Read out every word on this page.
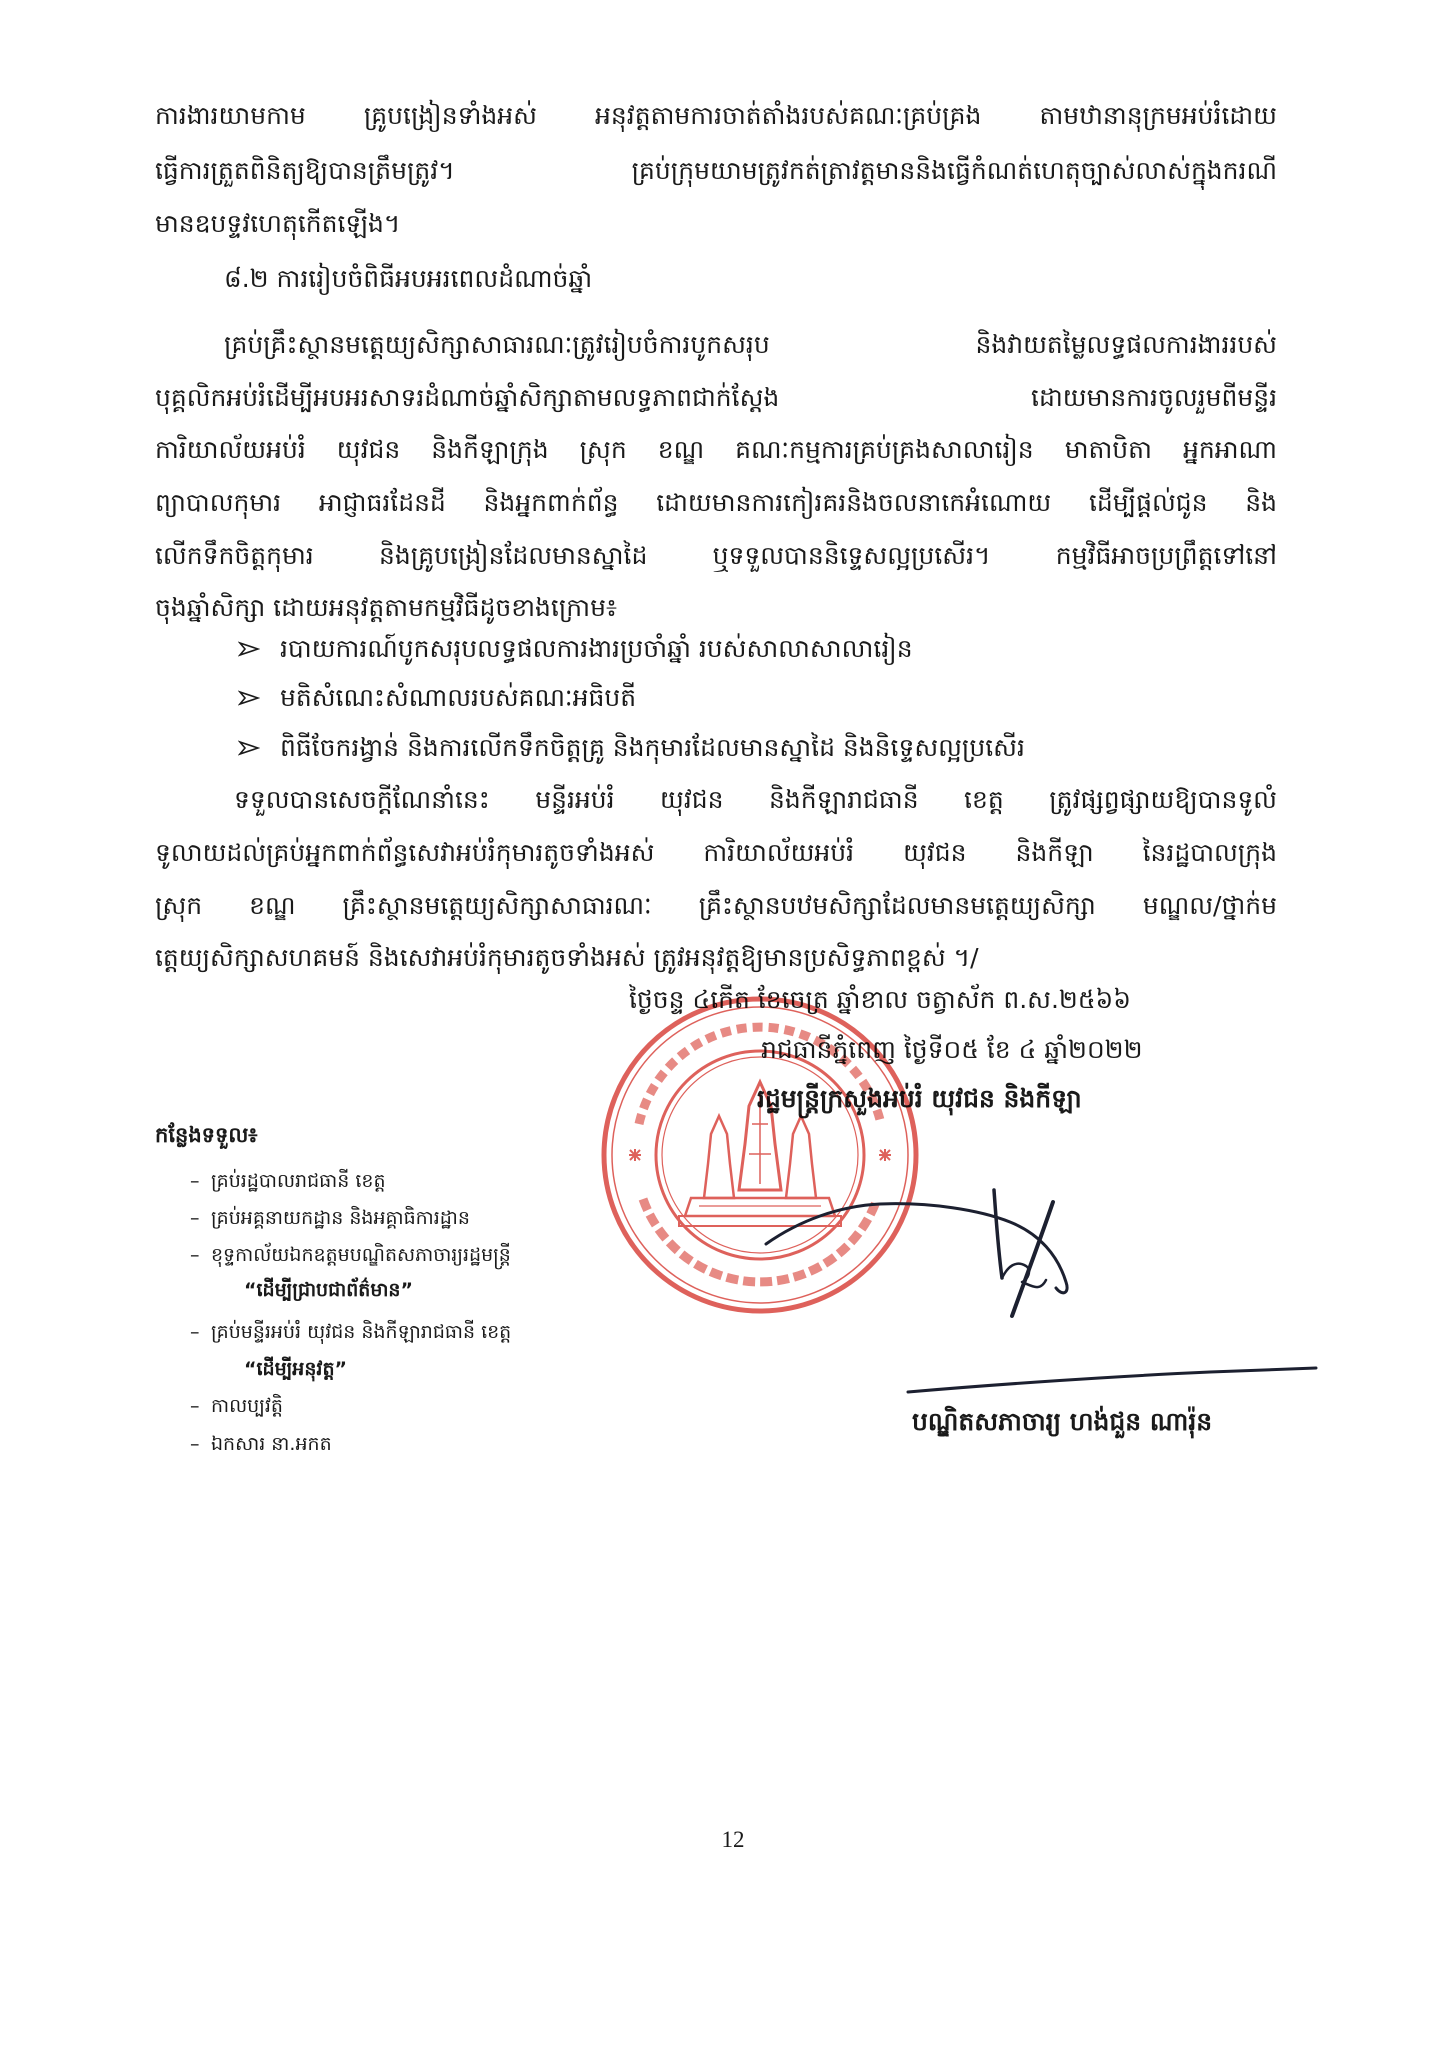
ការងារយាមកាម គ្រូបង្រៀនទាំងអស់ អនុវត្តតាមការចាត់តាំងរបស់គណៈគ្រប់គ្រង តាមឋានានុក្រមអប់រំដោយ
ធ្វើការត្រួតពិនិត្យឱ្យបានត្រឹមត្រូវ។ គ្រប់ក្រុមយាមត្រូវកត់ត្រាវត្តមាននិងធ្វើកំណត់ហេតុច្បាស់លាស់ក្នុងករណី
មានឧបទ្ទវហេតុកើតឡើង។
៨.២ ការរៀបចំពិធីអបអរពេលដំណាច់ឆ្នាំ
គ្រប់គ្រឹះស្ថានមត្តេយ្យសិក្សាសាធារណៈត្រូវរៀបចំការបូកសរុប និងវាយតម្លៃលទ្ធផលការងាររបស់
បុគ្គលិកអប់រំដើម្បីអបអរសាទរដំណាច់ឆ្នាំសិក្សាតាមលទ្ធភាពជាក់ស្តែង ដោយមានការចូលរួមពីមន្ទីរ
ការិយាល័យអប់រំ យុវជន និងកីឡាក្រុង ស្រុក ខណ្ឌ គណៈកម្មការគ្រប់គ្រងសាលារៀន មាតាបិតា អ្នកអាណា
ព្យាបាលកុមារ អាជ្ញាធរដែនដី និងអ្នកពាក់ព័ន្ធ ដោយមានការកៀរគរនិងចលនាកេអំណោយ ដើម្បីផ្តល់ជូន និង
លើកទឹកចិត្តកុមារ និងគ្រូបង្រៀនដែលមានស្នាដៃ ឬទទួលបាននិទ្ទេសល្អប្រសើរ។ កម្មវិធីអាចប្រព្រឹត្តទៅនៅ
ចុងឆ្នាំសិក្សា ដោយអនុវត្តតាមកម្មវិធីដូចខាងក្រោម៖
របាយការណ៍បូកសរុបលទ្ធផលការងារប្រចាំឆ្នាំ របស់សាលាសាលារៀន
មតិសំណេះសំណាលរបស់គណៈអធិបតី
ពិធីចែករង្វាន់ និងការលើកទឹកចិត្តគ្រូ និងកុមារដែលមានស្នាដៃ និងនិទ្ទេសល្អប្រសើរ
ទទួលបានសេចក្តីណែនាំនេះ មន្ទីរអប់រំ យុវជន និងកីឡារាជធានី ខេត្ត ត្រូវផ្សព្វផ្សាយឱ្យបានទូលំ
ទូលាយដល់គ្រប់អ្នកពាក់ព័ន្ធសេវាអប់រំកុមារតូចទាំងអស់ ការិយាល័យអប់រំ យុវជន និងកីឡា នៃរដ្ឋបាលក្រុង
ស្រុក ខណ្ឌ គ្រឹះស្ថានមត្តេយ្យសិក្សាសាធារណៈ គ្រឹះស្ថានបឋមសិក្សាដែលមានមត្តេយ្យសិក្សា មណ្ឌល/ថ្នាក់ម
ត្តេយ្យសិក្សាសហគមន៍ និងសេវាអប់រំកុមារតូចទាំងអស់ ត្រូវអនុវត្តឱ្យមានប្រសិទ្ធភាពខ្ពស់ ។/
ថ្ងៃចន្ទ ៤កើត ខែចេត្រ ឆ្នាំខាល ចត្វាស័ក ព.ស.២៥៦៦
រាជធានីភ្នំពេញ ថ្ងៃទី០៥ ខែ ៤ ឆ្នាំ២០២២
រដ្ឋមន្ត្រីក្រសួងអប់រំ យុវជន និងកីឡា
បណ្ឌិតសភាចារ្យ ហង់ជួន ណារ៉ុន
កន្លែងទទួល៖
– គ្រប់រដ្ឋបាលរាជធានី ខេត្ត
– គ្រប់អគ្គនាយកដ្ឋាន និងអគ្គាធិការដ្ឋាន
– ខុទ្ទកាល័យឯកឧត្តមបណ្ឌិតសភាចារ្យរដ្ឋមន្ត្រី
“ដើម្បីជ្រាបជាព័ត៌មាន”
– គ្រប់មន្ទីរអប់រំ យុវជន និងកីឡារាជធានី ខេត្ត
“ដើម្បីអនុវត្ត”
– កាលប្បវត្តិ
– ឯកសារ នា.អកត
12
